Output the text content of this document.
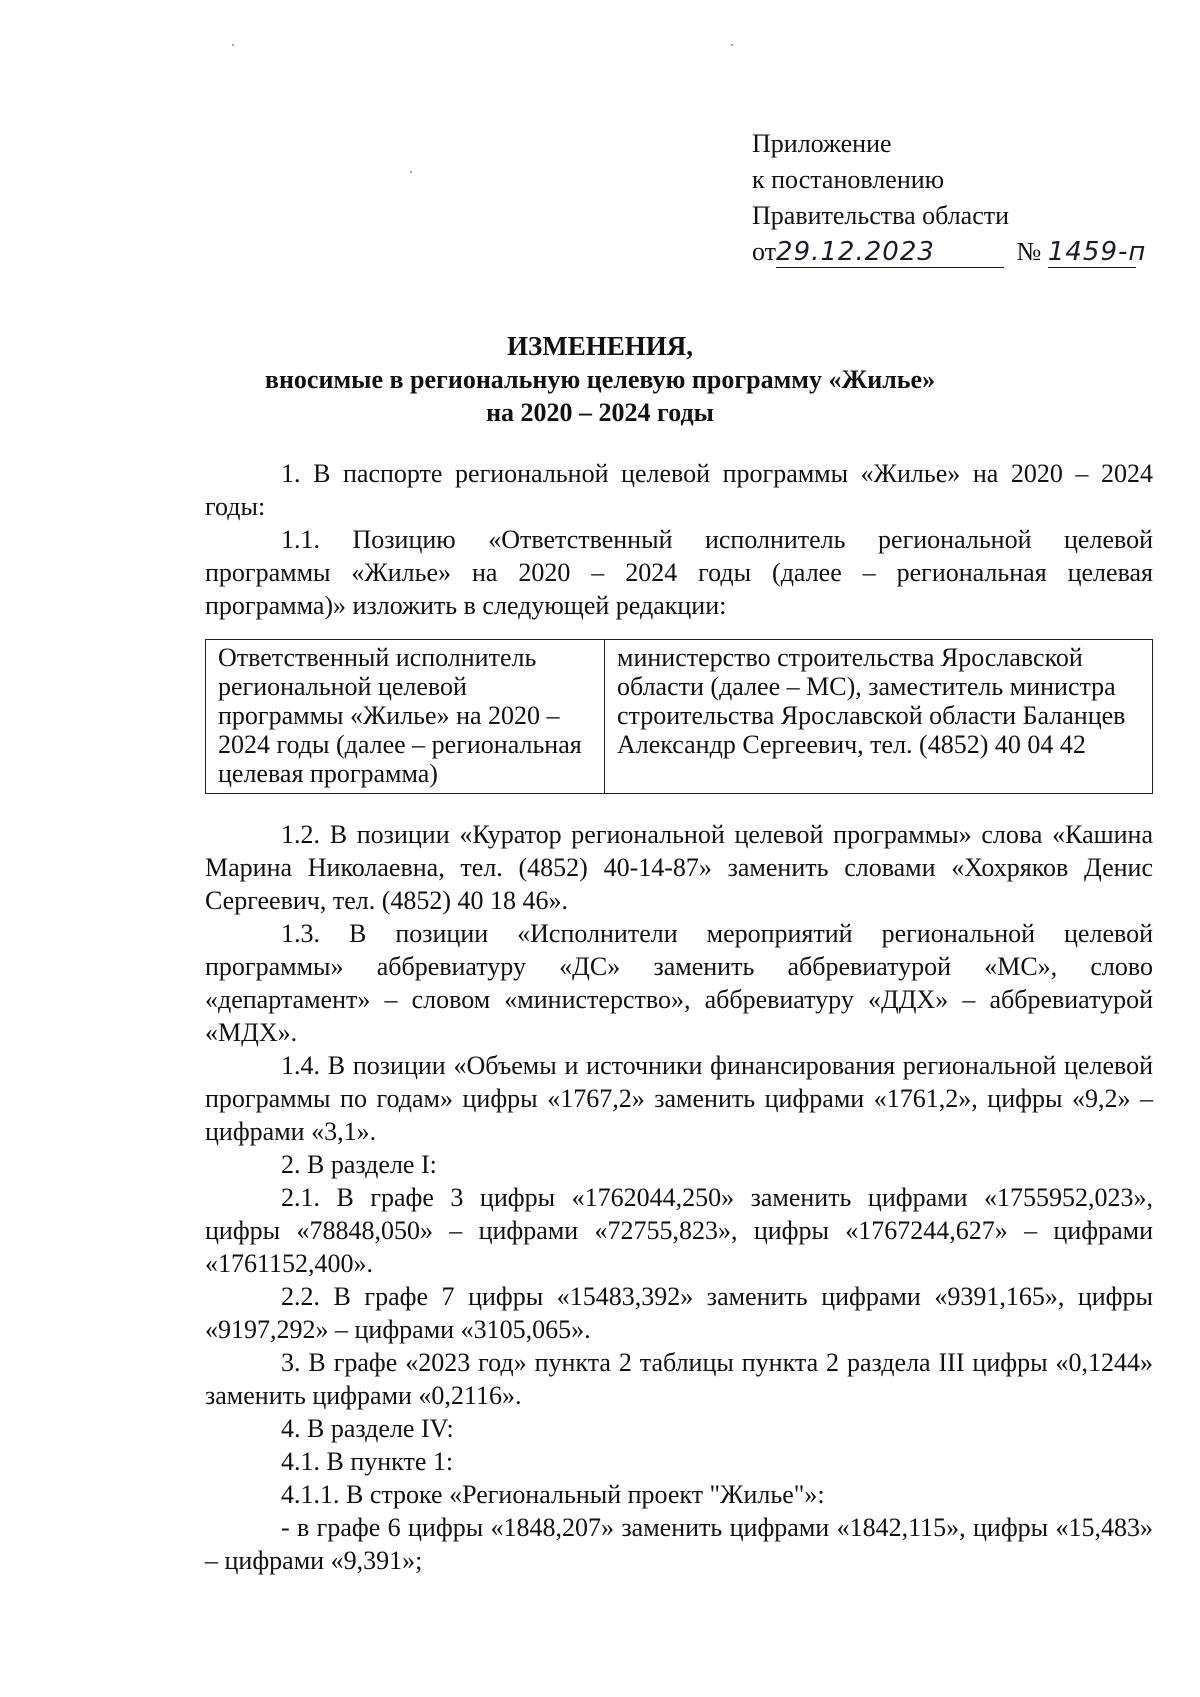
Приложение
к постановлению
Правительства области
от29.12.2023	№ 1459-п
ИЗМЕНЕНИЯ,
вносимые в региональную целевую программу «Жилье»
на 2020 – 2024 годы

1. В паспорте региональной целевой программы «Жилье» на 2020 – 2024 годы:

1.1. Позицию «Ответственный исполнитель региональной целевой программы «Жилье» на 2020 – 2024 годы (далее – региональная целевая программа)» изложить в следующей редакции:

Ответственный исполнитель региональной целевой программы «Жилье» на 2020 – 2024 годы (далее – региональная целевая программа)	министерство строительства Ярославской области (далее – МС), заместитель министра строительства Ярославской области Баланцев Александр Сергеевич, тел. (4852) 40 04 42

1.2. В позиции «Куратор региональной целевой программы» слова «Кашина Марина Николаевна, тел. (4852) 40-14-87» заменить словами «Хохряков Денис Сергеевич, тел. (4852) 40 18 46».

1.3. В позиции «Исполнители мероприятий региональной целевой программы» аббревиатуру «ДС» заменить аббревиатурой «МС», слово «департамент» – словом «министерство», аббревиатуру «ДДХ» – аббревиатурой «МДХ».

1.4. В позиции «Объемы и источники финансирования региональной целевой программы по годам» цифры «1767,2» заменить цифрами «1761,2», цифры «9,2» – цифрами «3,1».

2. В разделе I:

2.1. В графе 3 цифры «1762044,250» заменить цифрами «1755952,023», цифры «78848,050» – цифрами «72755,823», цифры «1767244,627» – цифрами «1761152,400».

2.2. В графе 7 цифры «15483,392» заменить цифрами «9391,165», цифры «9197,292» – цифрами «3105,065».

3. В графе «2023 год» пункта 2 таблицы пункта 2 раздела III цифры «0,1244» заменить цифрами «0,2116».

4. В разделе IV:

4.1. В пункте 1:

4.1.1. В строке «Региональный проект "Жилье"»:

- в графе 6 цифры «1848,207» заменить цифрами «1842,115», цифры «15,483» – цифрами «9,391»;
